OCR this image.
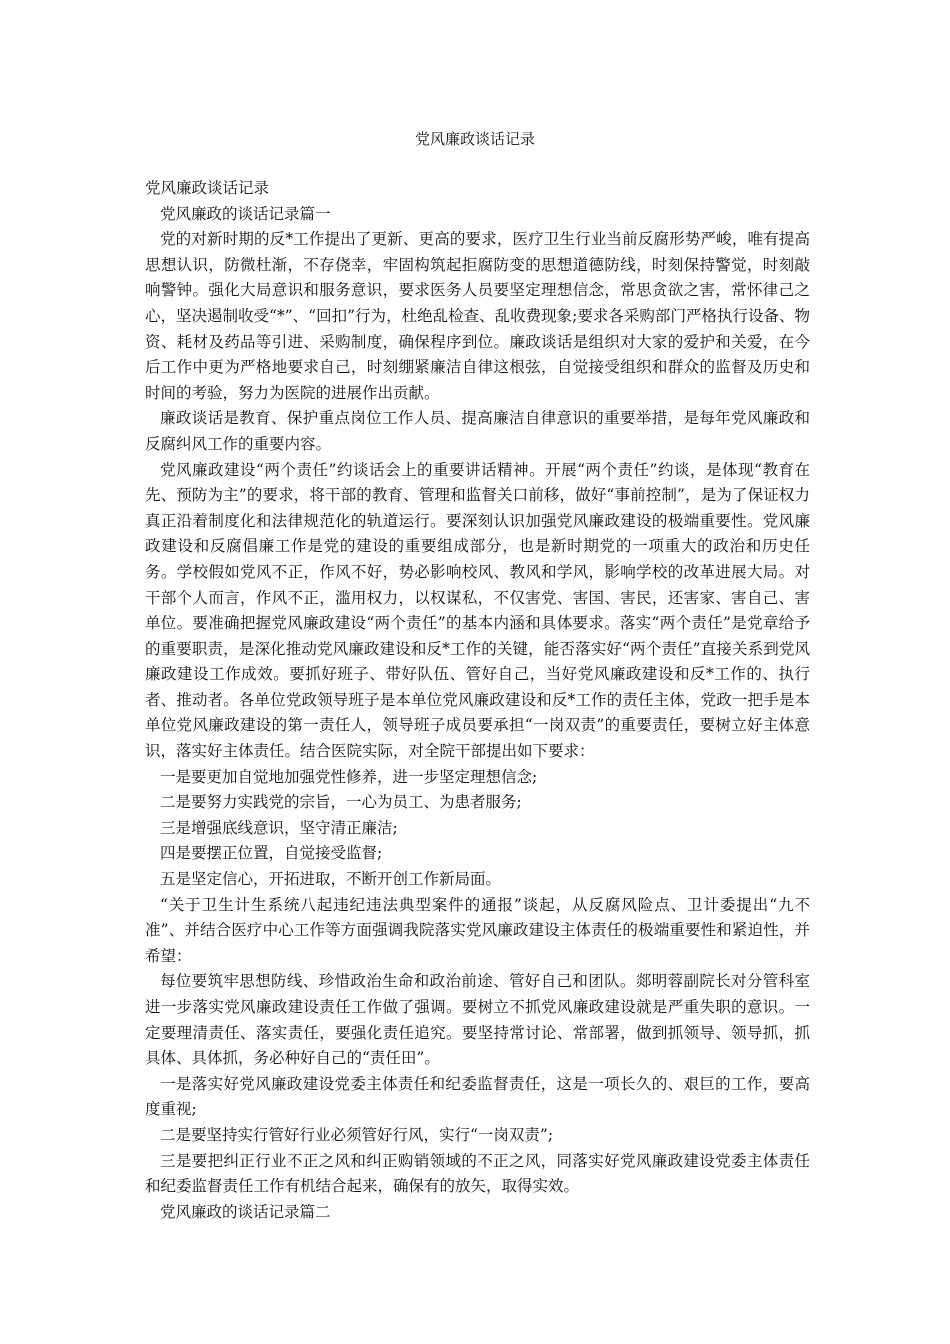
党风廉政谈话记录

党风廉政谈话记录

党风廉政的谈话记录篇一

党的对新时期的反*工作提出了更新、更高的要求，医疗卫生行业当前反腐形势严峻，唯有提高思想认识，防微杜渐，不存侥幸，牢固构筑起拒腐防变的思想道德防线，时刻保持警觉，时刻敲响警钟。强化大局意识和服务意识，要求医务人员要坚定理想信念，常思贪欲之害，常怀律己之心，坚决遏制收受“*”、“回扣”行为，杜绝乱检查、乱收费现象;要求各采购部门严格执行设备、物资、耗材及药品等引进、采购制度，确保程序到位。廉政谈话是组织对大家的爱护和关爱，在今后工作中更为严格地要求自己，时刻绷紧廉洁自律这根弦，自觉接受组织和群众的监督及历史和时间的考验，努力为医院的进展作出贡献。

廉政谈话是教育、保护重点岗位工作人员、提高廉洁自律意识的重要举措，是每年党风廉政和反腐纠风工作的重要内容。

党风廉政建设“两个责任”约谈话会上的重要讲话精神。开展“两个责任”约谈，是体现“教育在先、预防为主”的要求，将干部的教育、管理和监督关口前移，做好“事前控制”，是为了保证权力真正沿着制度化和法律规范化的轨道运行。要深刻认识加强党风廉政建设的极端重要性。党风廉政建设和反腐倡廉工作是党的建设的重要组成部分，也是新时期党的一项重大的政治和历史任务。学校假如党风不正，作风不好，势必影响校风、教风和学风，影响学校的改革进展大局。对干部个人而言，作风不正，滥用权力，以权谋私，不仅害党、害国、害民，还害家、害自己、害单位。要准确把握党风廉政建设“两个责任”的基本内涵和具体要求。落实“两个责任”是党章给予的重要职责，是深化推动党风廉政建设和反*工作的关键，能否落实好“两个责任”直接关系到党风廉政建设工作成效。要抓好班子、带好队伍、管好自己，当好党风廉政建设和反*工作的、执行者、推动者。各单位党政领导班子是本单位党风廉政建设和反*工作的责任主体，党政一把手是本单位党风廉政建设的第一责任人，领导班子成员要承担“一岗双责”的重要责任，要树立好主体意识，落实好主体责任。结合医院实际，对全院干部提出如下要求：

一是要更加自觉地加强党性修养，进一步坚定理想信念;

二是要努力实践党的宗旨，一心为员工、为患者服务;

三是增强底线意识，坚守清正廉洁;

四是要摆正位置，自觉接受监督;

五是坚定信心，开拓进取，不断开创工作新局面。

“关于卫生计生系统八起违纪违法典型案件的通报”谈起，从反腐风险点、卫计委提出“九不准”、并结合医疗中心工作等方面强调我院落实党风廉政建设主体责任的极端重要性和紧迫性，并希望：

每位要筑牢思想防线、珍惜政治生命和政治前途、管好自己和团队。郯明蓉副院长对分管科室进一步落实党风廉政建设责任工作做了强调。要树立不抓党风廉政建设就是严重失职的意识。一定要理清责任、落实责任，要强化责任追究。要坚持常讨论、常部署，做到抓领导、领导抓，抓具体、具体抓，务必种好自己的“责任田”。

一是落实好党风廉政建设党委主体责任和纪委监督责任，这是一项长久的、艰巨的工作，要高度重视;

二是要坚持实行管好行业必须管好行风，实行“一岗双责”;

三是要把纠正行业不正之风和纠正购销领域的不正之风，同落实好党风廉政建设党委主体责任和纪委监督责任工作有机结合起来，确保有的放矢，取得实效。

党风廉政的谈话记录篇二
